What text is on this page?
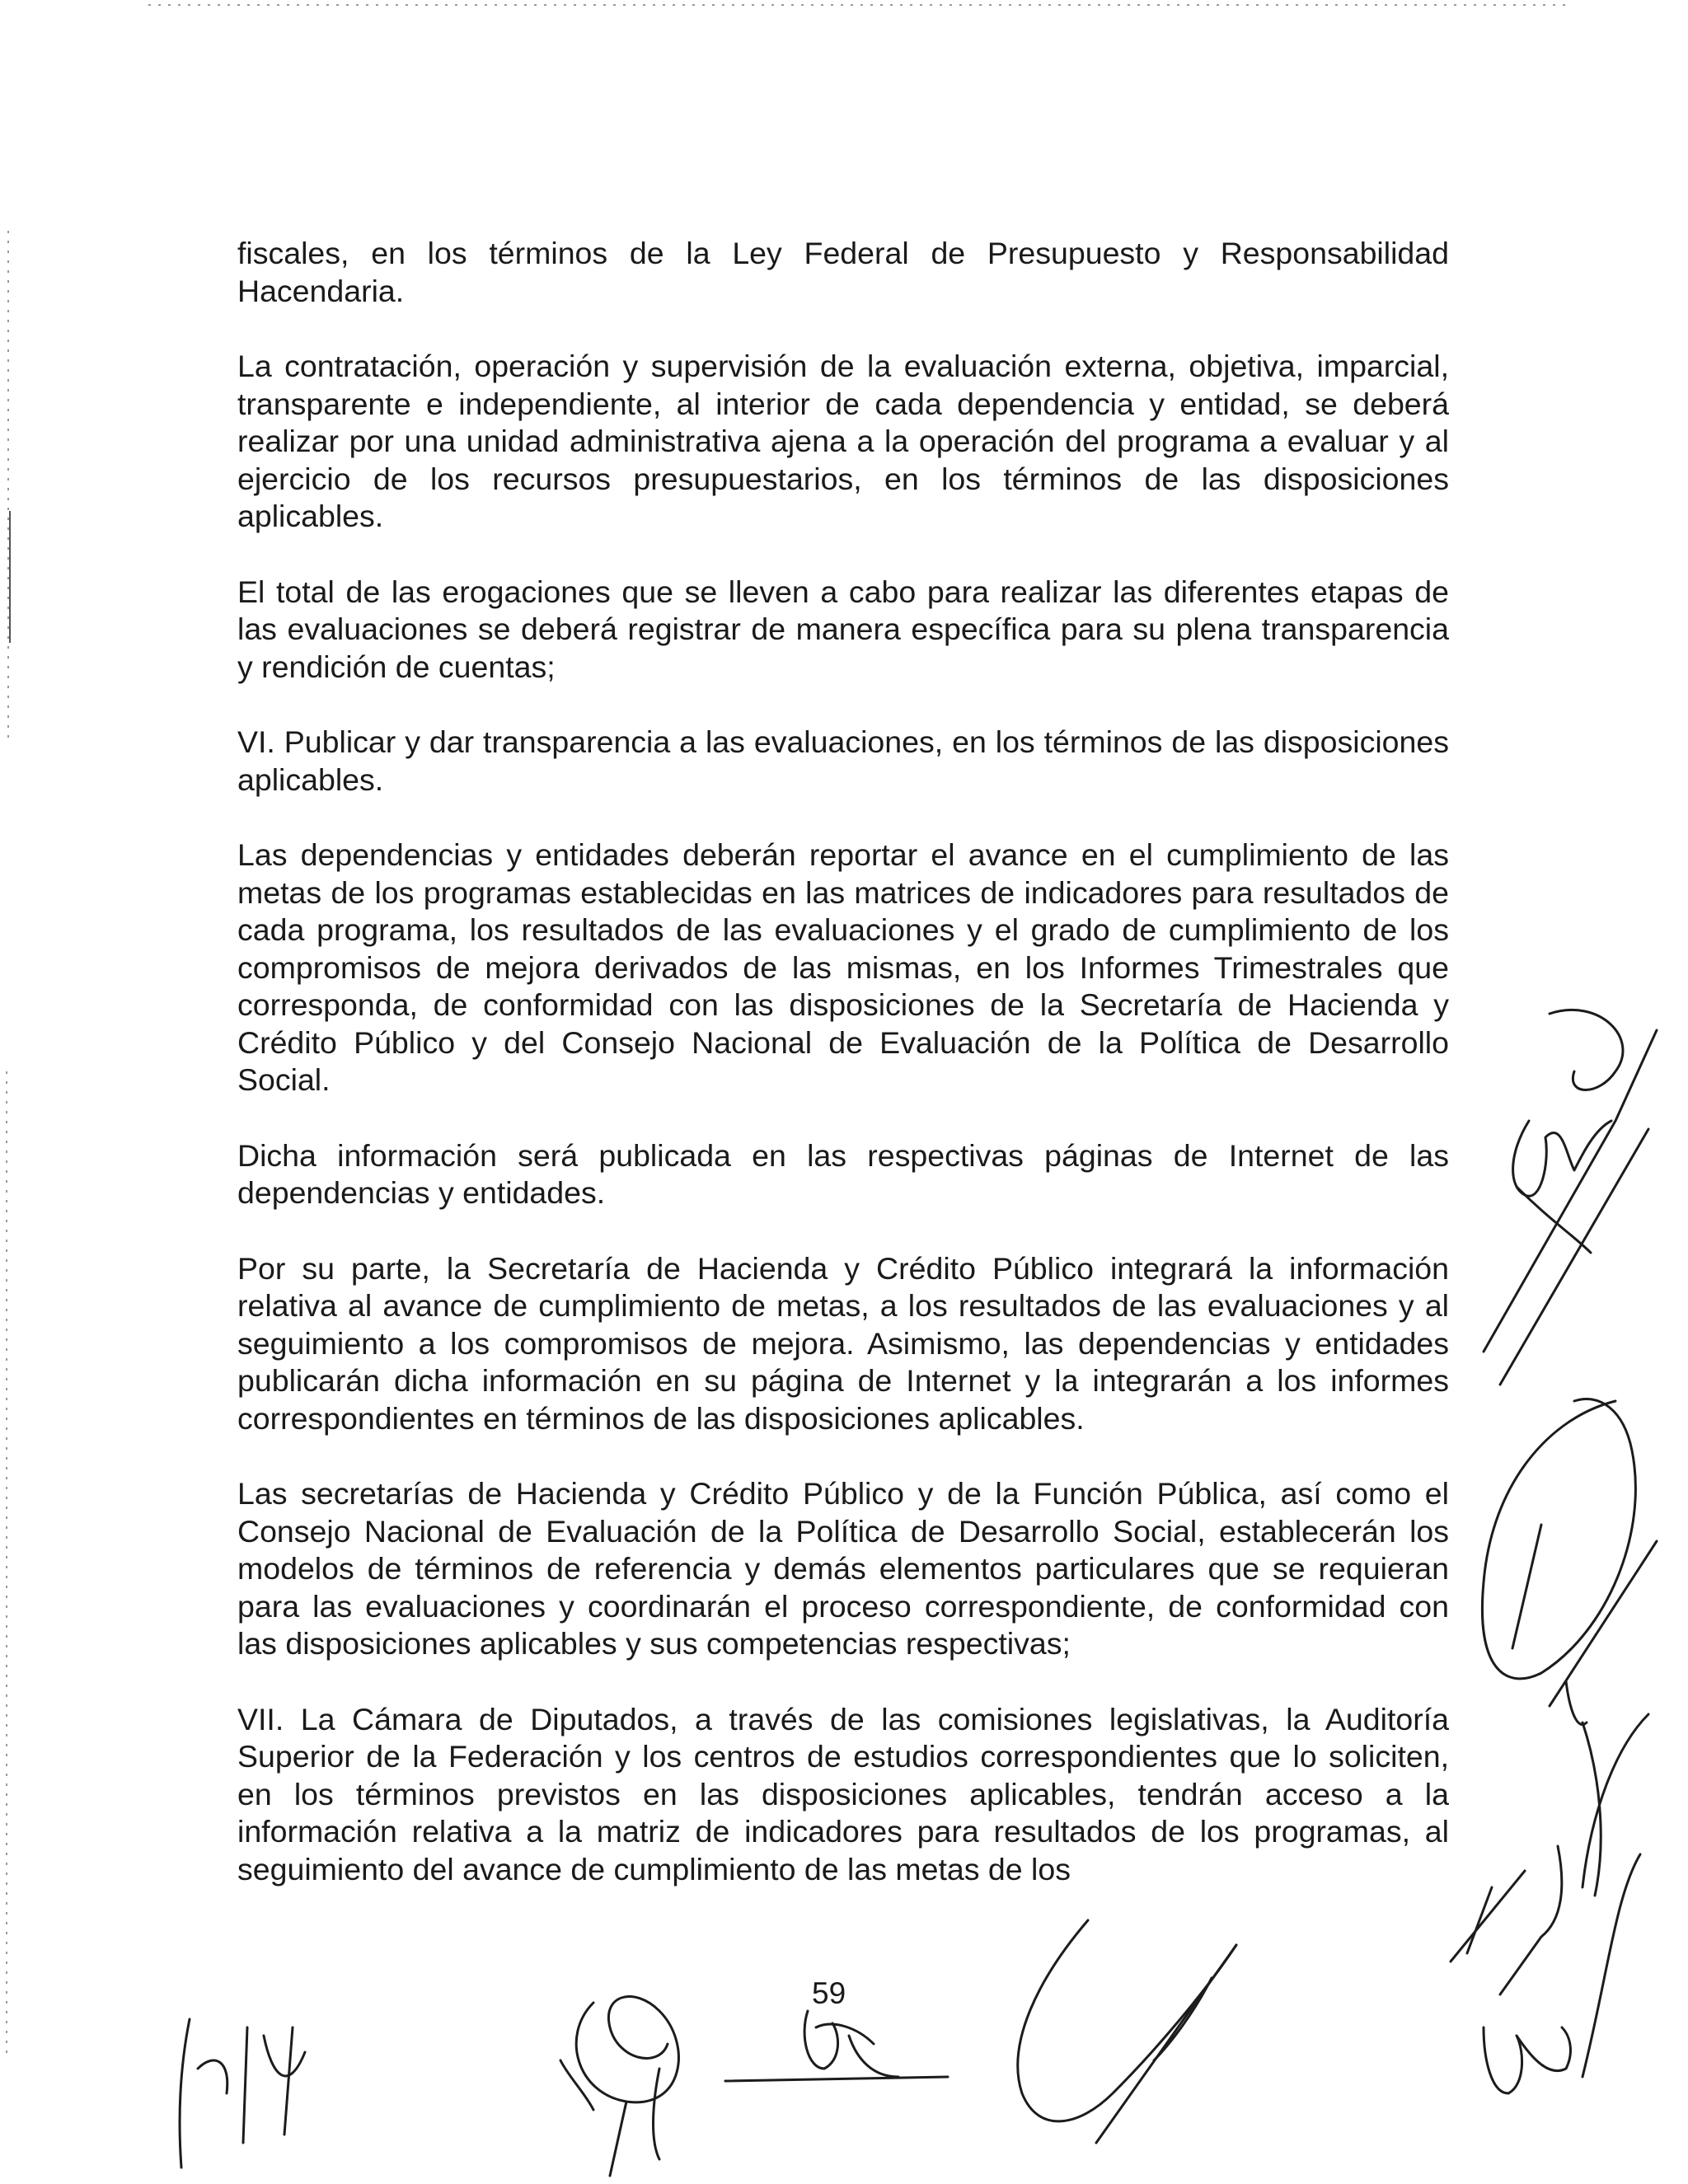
fiscales, en los términos de la Ley Federal de Presupuesto y Responsabilidad Hacendaria.

La contratación, operación y supervisión de la evaluación externa, objetiva, imparcial, transparente e independiente, al interior de cada dependencia y entidad, se deberá realizar por una unidad administrativa ajena a la operación del programa a evaluar y al ejercicio de los recursos presupuestarios, en los términos de las disposiciones aplicables.

El total de las erogaciones que se lleven a cabo para realizar las diferentes etapas de las evaluaciones se deberá registrar de manera específica para su plena transparencia y rendición de cuentas;

VI. Publicar y dar transparencia a las evaluaciones, en los términos de las disposiciones aplicables.

Las dependencias y entidades deberán reportar el avance en el cumplimiento de las metas de los programas establecidas en las matrices de indicadores para resultados de cada programa, los resultados de las evaluaciones y el grado de cumplimiento de los compromisos de mejora derivados de las mismas, en los Informes Trimestrales que corresponda, de conformidad con las disposiciones de la Secretaría de Hacienda y Crédito Público y del Consejo Nacional de Evaluación de la Política de Desarrollo Social.

Dicha información será publicada en las respectivas páginas de Internet de las dependencias y entidades.

Por su parte, la Secretaría de Hacienda y Crédito Público integrará la información relativa al avance de cumplimiento de metas, a los resultados de las evaluaciones y al seguimiento a los compromisos de mejora. Asimismo, las dependencias y entidades publicarán dicha información en su página de Internet y la integrarán a los informes correspondientes en términos de las disposiciones aplicables.

Las secretarías de Hacienda y Crédito Público y de la Función Pública, así como el Consejo Nacional de Evaluación de la Política de Desarrollo Social, establecerán los modelos de términos de referencia y demás elementos particulares que se requieran para las evaluaciones y coordinarán el proceso correspondiente, de conformidad con las disposiciones aplicables y sus competencias respectivas;

VII. La Cámara de Diputados, a través de las comisiones legislativas, la Auditoría Superior de la Federación y los centros de estudios correspondientes que lo soliciten, en los términos previstos en las disposiciones aplicables, tendrán acceso a la información relativa a la matriz de indicadores para resultados de los programas, al seguimiento del avance de cumplimiento de las metas de los

59
